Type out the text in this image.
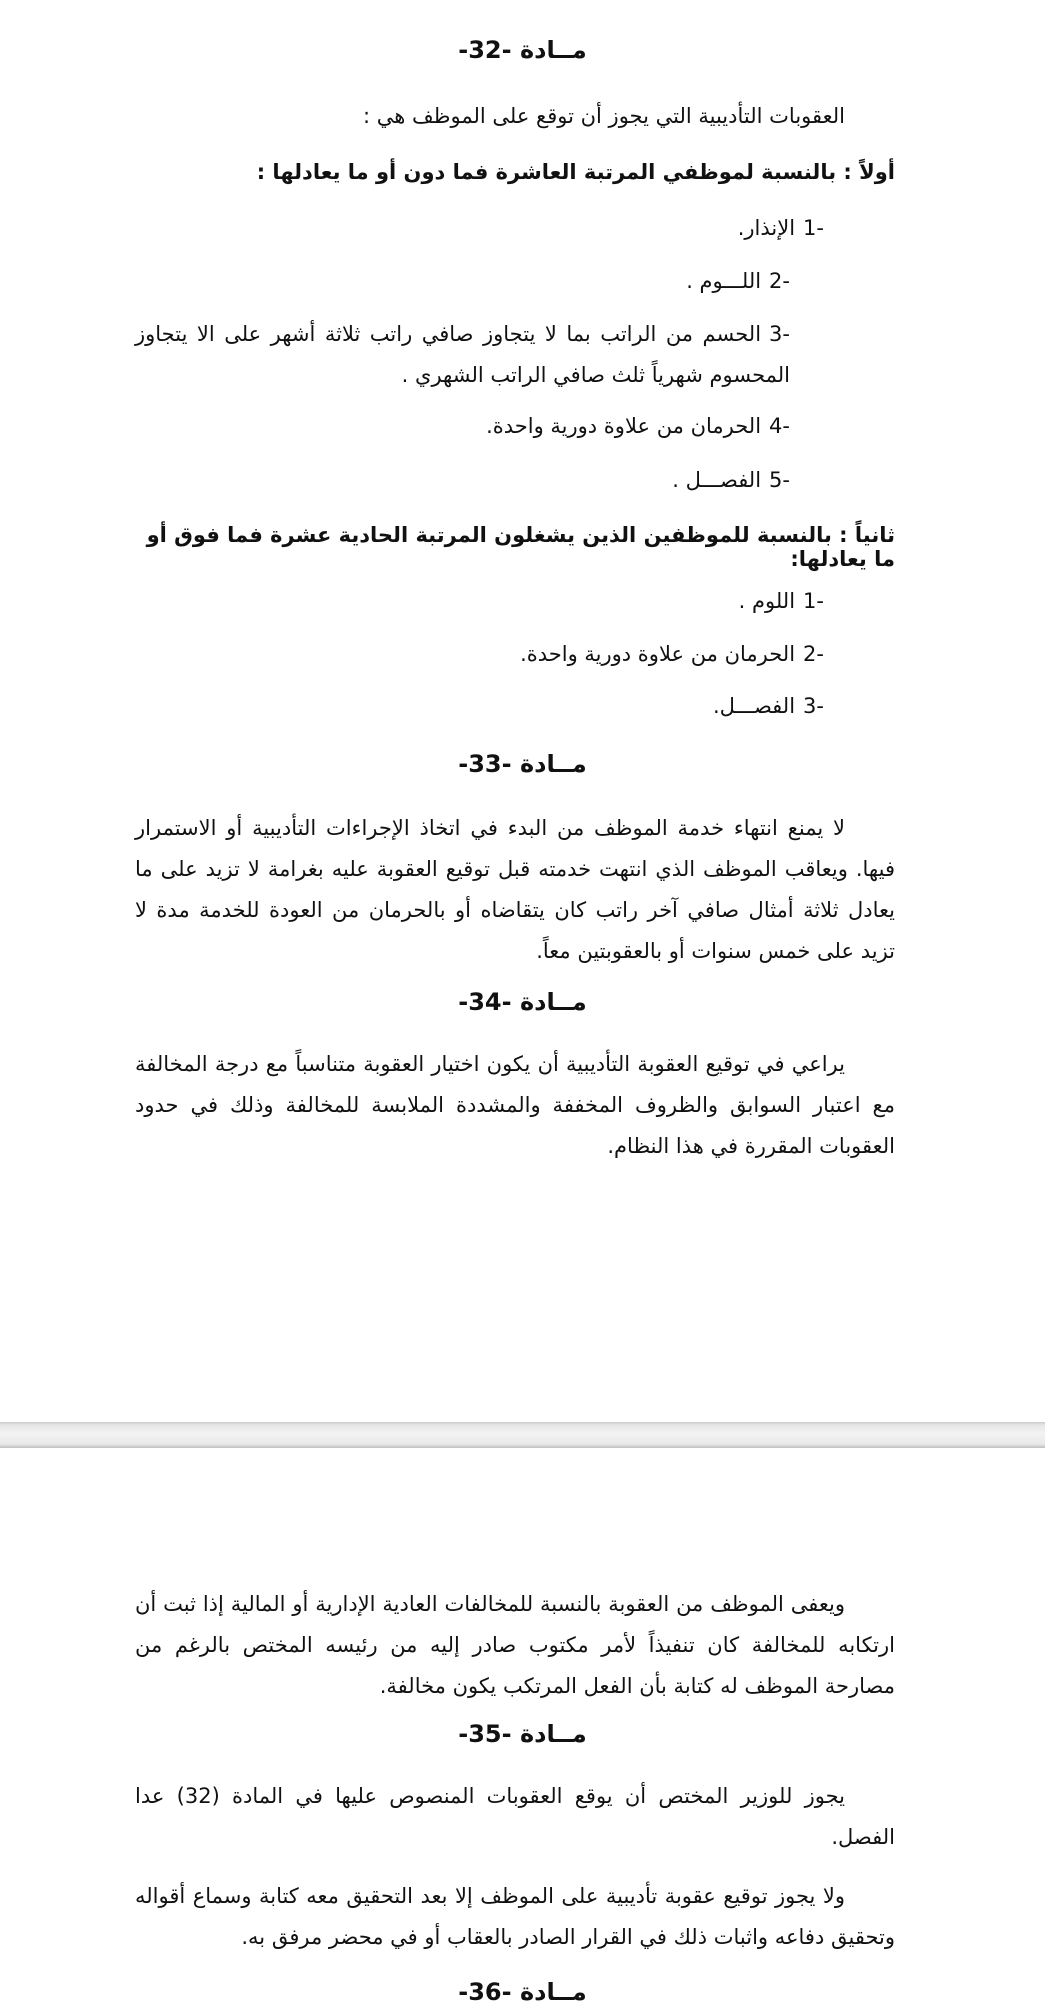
مــادة -32-
العقوبات التأديبية التي يجوز أن توقع على الموظف هي :
أولاً : بالنسبة لموظفي المرتبة العاشرة فما دون أو ما يعادلها :
1-الإنذار.
2-اللـــوم .
3-الحسم من الراتب بما لا يتجاوز صافي راتب ثلاثة أشهر على الا يتجاوز المحسوم شهرياً ثلث صافي الراتب الشهري .
4-الحرمان من علاوة دورية واحدة.
5-الفصـــل .
ثانياً : بالنسبة للموظفين الذين يشغلون المرتبة الحادية عشرة فما فوق أو ما يعادلها:
1-اللوم .
2-الحرمان من علاوة دورية واحدة.
3-الفصـــل.
مــادة -33-
لا يمنع انتهاء خدمة الموظف من البدء في اتخاذ الإجراءات التأديبية أو الاستمرار فيها. ويعاقب الموظف الذي انتهت خدمته قبل توقيع العقوبة عليه بغرامة لا تزيد على ما يعادل ثلاثة أمثال صافي آخر راتب كان يتقاضاه أو بالحرمان من العودة للخدمة مدة لا تزيد على خمس سنوات أو بالعقوبتين معاً.
مــادة -34-
يراعي في توقيع العقوبة التأديبية أن يكون اختيار العقوبة متناسباً مع درجة المخالفة مع اعتبار السوابق والظروف المخففة والمشددة الملابسة للمخالفة وذلك في حدود العقوبات المقررة في هذا النظام.
ويعفى الموظف من العقوبة بالنسبة للمخالفات العادية الإدارية أو المالية إذا ثبت أن ارتكابه للمخالفة كان تنفيذاً لأمر مكتوب صادر إليه من رئيسه المختص بالرغم من مصارحة الموظف له كتابة بأن الفعل المرتكب يكون مخالفة.
مــادة -35-
يجوز للوزير المختص أن يوقع العقوبات المنصوص عليها في المادة (32) عدا الفصل.
ولا يجوز توقيع عقوبة تأديبية على الموظف إلا بعد التحقيق معه كتابة وسماع أقواله وتحقيق دفاعه واثبات ذلك في القرار الصادر بالعقاب أو في محضر مرفق به.
مــادة -36-
